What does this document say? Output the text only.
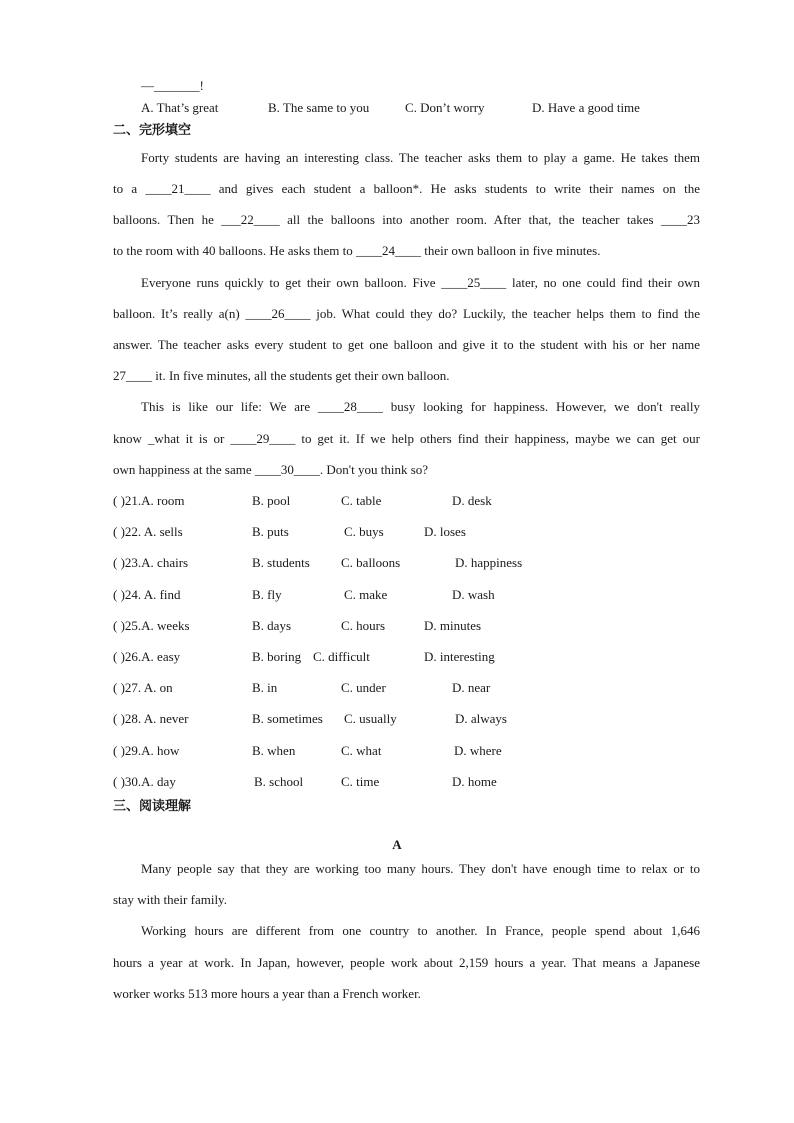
—_______!
A. That’s great	B. The same to you	C. Don’t worry	D. Have a good time
二、完形填空
Forty students are having an interesting class. The teacher asks them to play a game. He takes them
to a ____21____ and gives each student a balloon*. He asks students to write their names on the
balloons. Then he ___22____ all the balloons into another room. After that, the teacher takes ____23
to the room with 40 balloons. He asks them to ____24____ their own balloon in five minutes.
Everyone runs quickly to get their own balloon. Five ____25____ later, no one could find their own
balloon. It’s really a(n) ____26____ job. What could they do? Luckily, the teacher helps them to find the
answer. The teacher asks every student to get one balloon and give it to the student with his or her name
27____ it. In five minutes, all the students get their own balloon.
This is like our life: We are ____28____ busy looking for happiness. However, we don't really
know _what it is or ____29____ to get it. If we help others find their happiness, maybe we can get our
own happiness at the same ____30____. Don't you think so?
( )21.A. room	B. pool	C. table	D. desk
( )22. A. sells	B. puts	C. buys	D. loses
( )23.A. chairs	B. students C. balloons	D. happiness
( )24. A. find	B. fly	C. make	D. wash
( )25.A. weeks	B. days	C. hours	D. minutes
( )26.A. easy	B. boring C. difficult	D. interesting
( )27. A. on	B. in	C. under	D. near
( )28. A. never	B. sometimes C. usually	D. always
( )29.A. how	B. when	C. what	D. where
( )30.A. day	B. school	C. time	D. home
三、阅读理解
A
Many people say that they are working too many hours. They don't have enough time to relax or to
stay with their family.
Working hours are different from one country to another. In France, people spend about 1,646
hours a year at work. In Japan, however, people work about 2,159 hours a year. That means a Japanese
worker works 513 more hours a year than a French worker.
